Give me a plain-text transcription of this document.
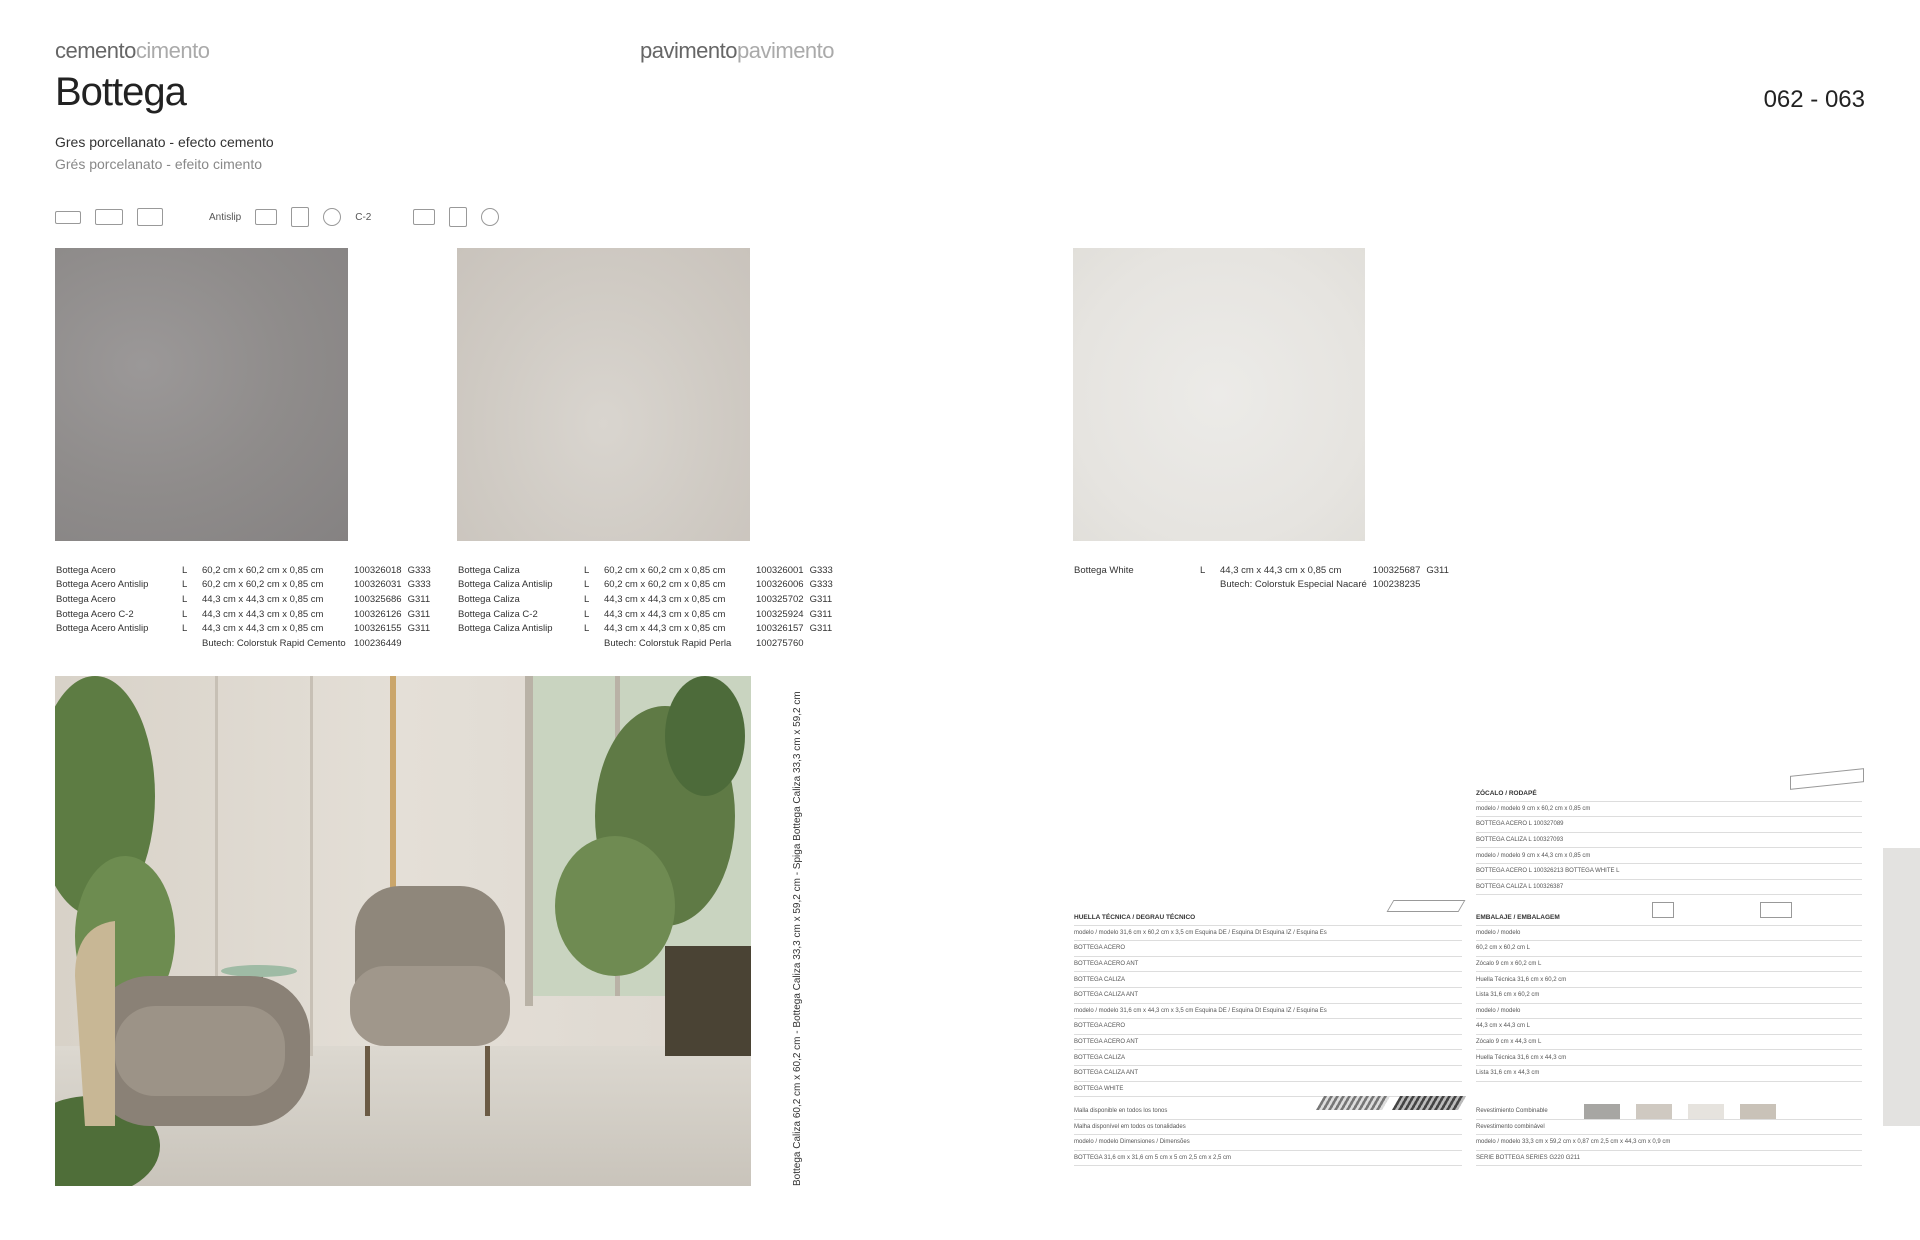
cementocimento	pavimentopavimento
Bottega	062 - 063
Gres porcellanato - efecto cemento
Grés porcelanato - efeito cimento
Antislip	C-2
Bottega Acero	L	60,2 cm x 60,2 cm x 0,85 cm	100326018	G333
Bottega Acero Antislip	L	60,2 cm x 60,2 cm x 0,85 cm	100326031	G333
Bottega Acero	L	44,3 cm x 44,3 cm x 0,85 cm	100325686	G311
Bottega Acero C-2	L	44,3 cm x 44,3 cm x 0,85 cm	100326126	G311
Bottega Acero Antislip	L	44,3 cm x 44,3 cm x 0,85 cm	100326155	G311
		Butech: Colorstuk Rapid Cemento	100236449	
Bottega Caliza	L	60,2 cm x 60,2 cm x 0,85 cm	100326001	G333
Bottega Caliza Antislip	L	60,2 cm x 60,2 cm x 0,85 cm	100326006	G333
Bottega Caliza	L	44,3 cm x 44,3 cm x 0,85 cm	100325702	G311
Bottega Caliza C-2	L	44,3 cm x 44,3 cm x 0,85 cm	100325924	G311
Bottega Caliza Antislip	L	44,3 cm x 44,3 cm x 0,85 cm	100326157	G311
		Butech: Colorstuk Rapid Perla	100275760	
Bottega White	L	44,3 cm x 44,3 cm x 0,85 cm	100325687	G311
		Butech: Colorstuk Especial Nacaré	100238235	
Bottega Caliza 60,2 cm x 60,2 cm - Bottega Caliza 33,3 cm x 59,2 cm - Spiga Bottega Caliza 33,3 cm x 59,2 cm	ZÓCALO / RODAPÉ
modelo / modelo 9 cm x 60,2 cm x 0,85 cm
BOTTEGA ACERO L 100327089
BOTTEGA CALIZA L 100327093
modelo / modelo 9 cm x 44,3 cm x 0,85 cm
BOTTEGA ACERO L 100326213 BOTTEGA WHITE L
BOTTEGA CALIZA L 100326387
HUELLA TÉCNICA / DEGRAU TÉCNICO
modelo / modelo 31,6 cm x 60,2 cm x 3,5 cm Esquina DE / Esquina Dt Esquina IZ / Esquina Es
BOTTEGA ACERO
BOTTEGA ACERO ANT
BOTTEGA CALIZA
BOTTEGA CALIZA ANT
modelo / modelo 31,6 cm x 44,3 cm x 3,5 cm Esquina DE / Esquina Dt Esquina IZ / Esquina Es
BOTTEGA ACERO
BOTTEGA ACERO ANT
BOTTEGA CALIZA
BOTTEGA CALIZA ANT
BOTTEGA WHITE
EMBALAJE / EMBALAGEM
modelo / modelo
60,2 cm x 60,2 cm L
Zócalo 9 cm x 60,2 cm L
Huella Técnica 31,6 cm x 60,2 cm
Lista 31,6 cm x 60,2 cm
modelo / modelo
44,3 cm x 44,3 cm L
Zócalo 9 cm x 44,3 cm L
Huella Técnica 31,6 cm x 44,3 cm
Lista 31,6 cm x 44,3 cm
Malla disponible en todos los tonos
Malha disponível em todos os tonalidades
modelo / modelo Dimensiones / Dimensões
BOTTEGA 31,6 cm x 31,6 cm 5 cm x 5 cm 2,5 cm x 2,5 cm
Revestimiento Combinable
Revestimento combinável
modelo / modelo 33,3 cm x 59,2 cm x 0,87 cm 2,5 cm x 44,3 cm x 0,9 cm
SERIE BOTTEGA SERIES G220 G211
